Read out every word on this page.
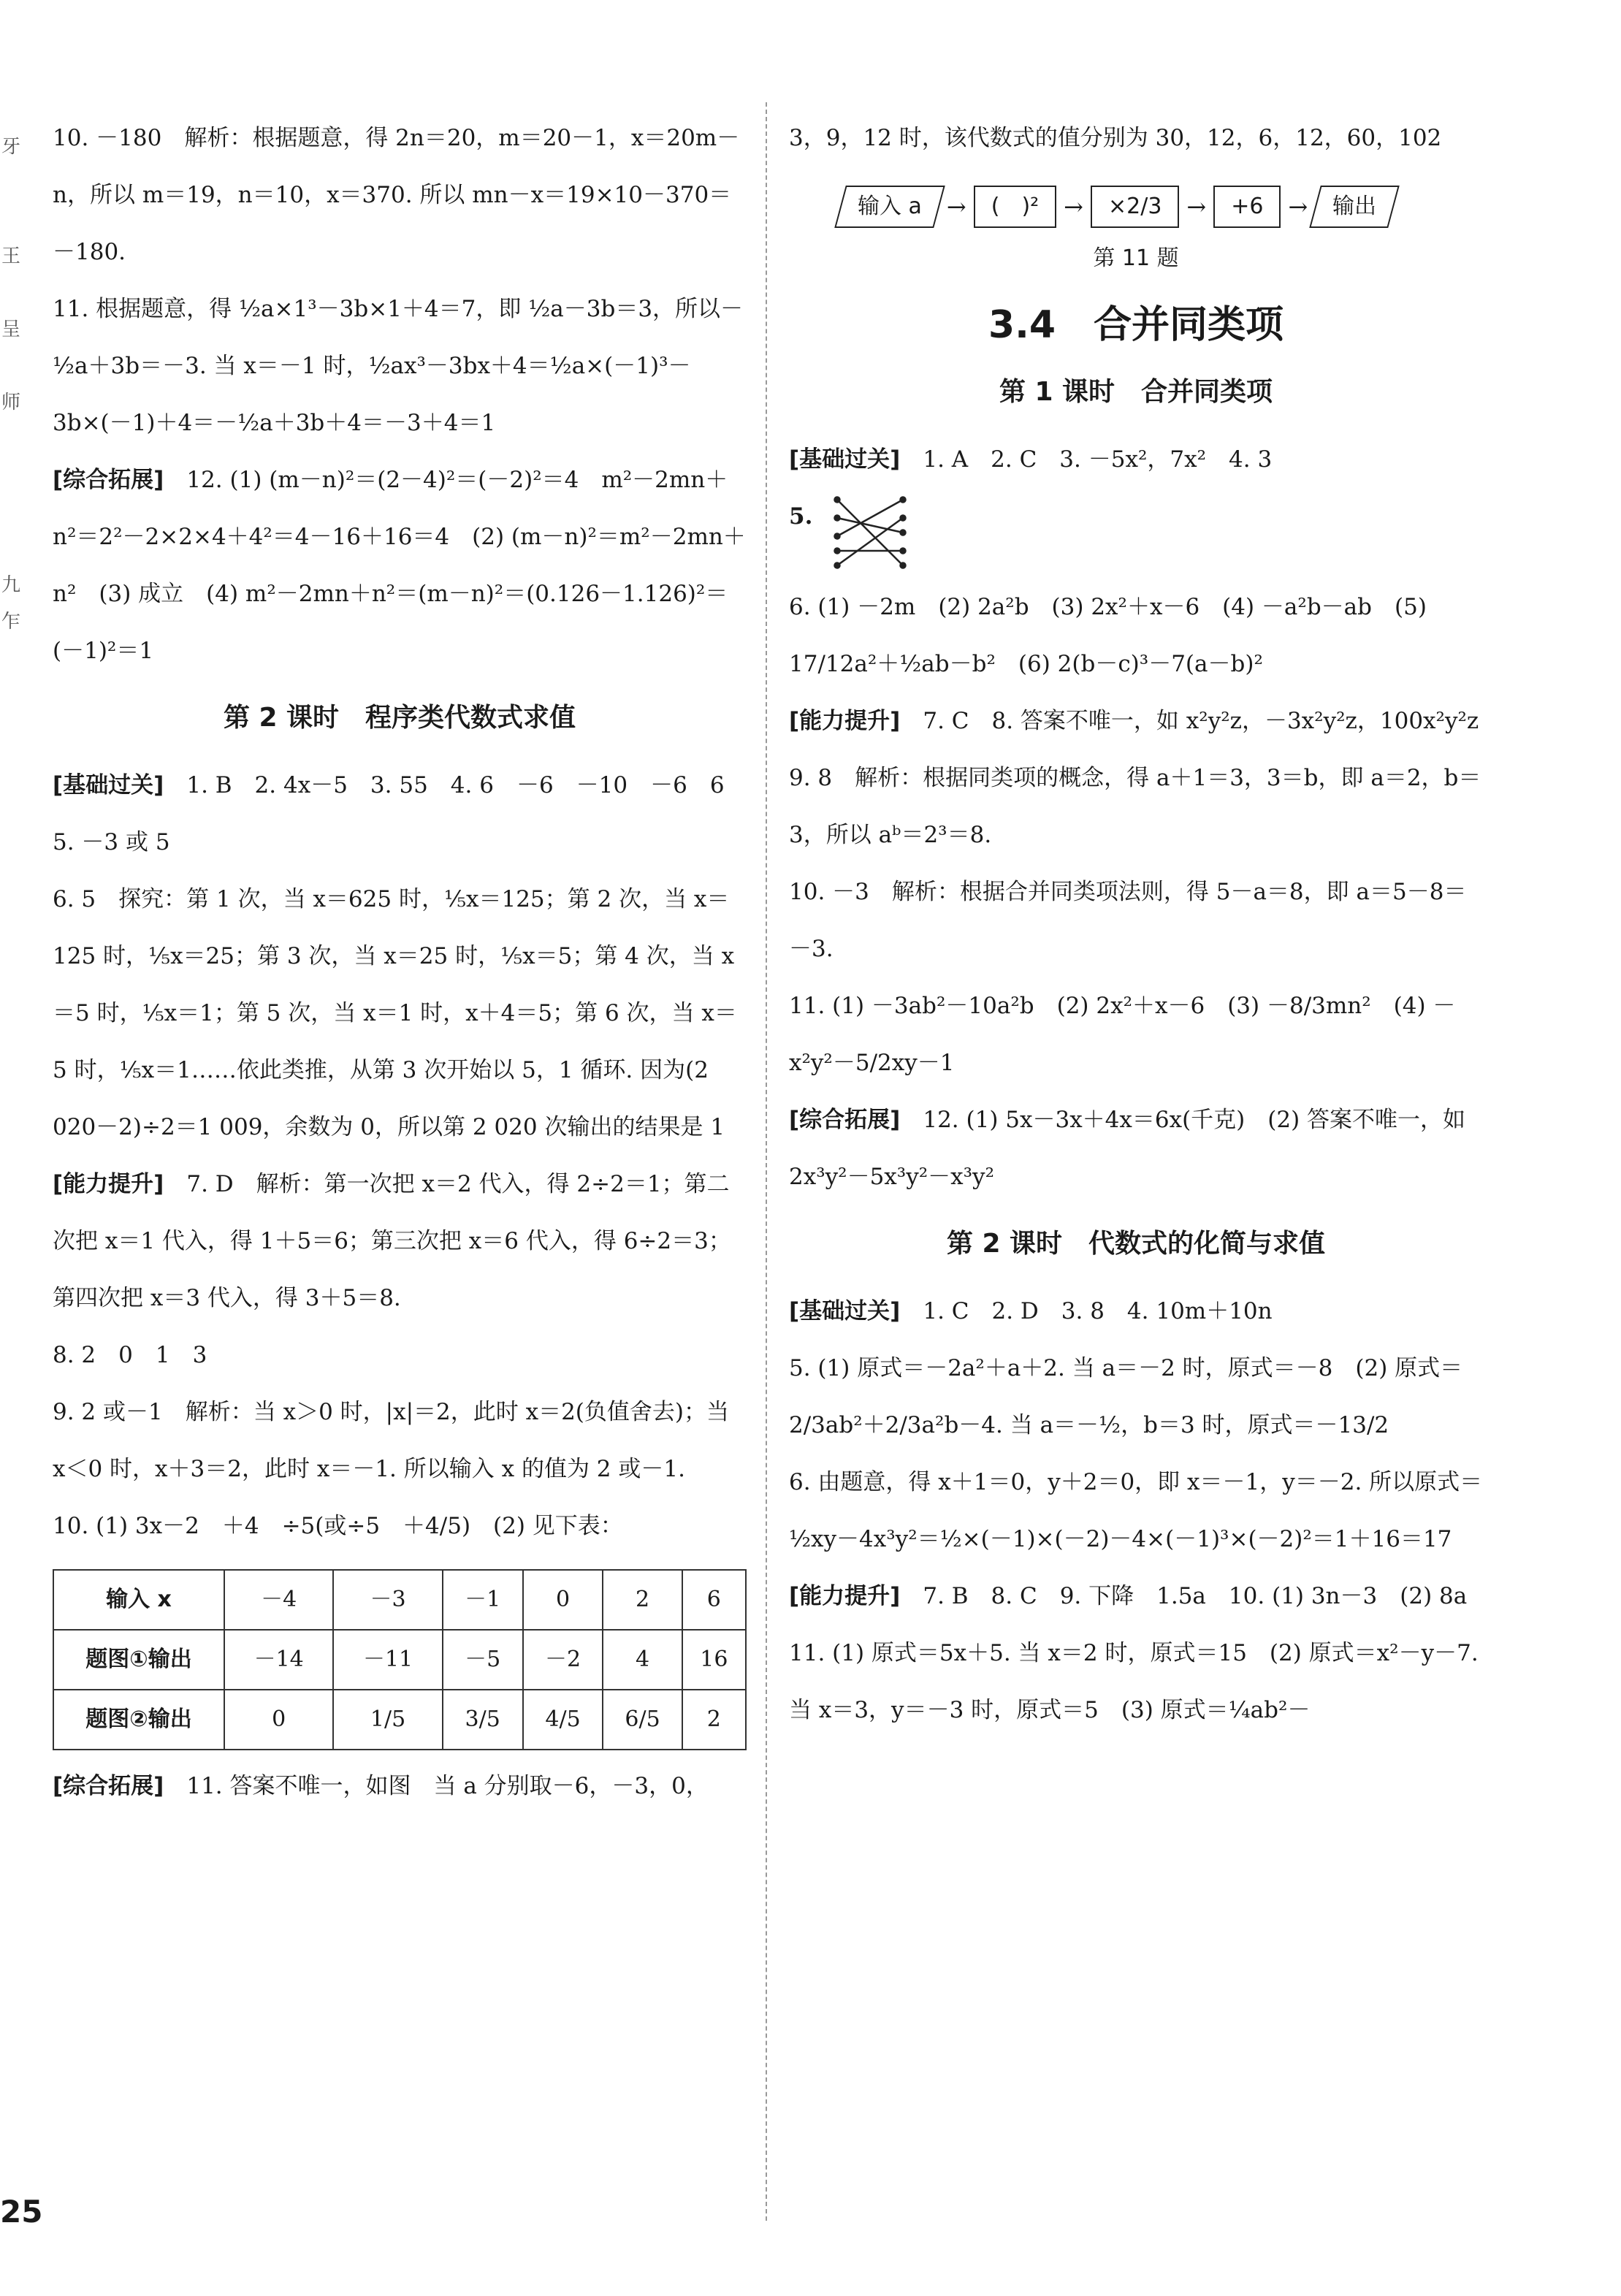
牙
王
呈
师
九
乍

10. －180　解析：根据题意，得 2n＝20，m＝20－1，x＝20m－n，所以 m＝19，n＝10，x＝370. 所以 mn－x＝19×10－370＝－180.

11. 根据题意，得 ½a×1³－3b×1＋4＝7，即 ½a－3b＝3，所以－½a＋3b＝－3. 当 x＝－1 时，½ax³－3bx＋4＝½a×(－1)³－3b×(－1)＋4＝－½a＋3b＋4＝－3＋4＝1

[综合拓展]　 12. (1) (m－n)²＝(2－4)²＝(－2)²＝4　m²－2mn＋n²＝2²－2×2×4＋4²＝4－16＋16＝4　(2) (m－n)²＝m²－2mn＋n²　(3) 成立　(4) m²－2mn＋n²＝(m－n)²＝(0.126－1.126)²＝(－1)²＝1

第 2 课时　程序类代数式求值

[基础过关]　 1. B　2. 4x－5　3. 55　4. 6　－6　－10　－6　6　5. －3 或 5

6. 5　探究：第 1 次，当 x＝625 时，⅕x＝125；第 2 次，当 x＝125 时，⅕x＝25；第 3 次，当 x＝25 时，⅕x＝5；第 4 次，当 x＝5 时，⅕x＝1；第 5 次，当 x＝1 时，x＋4＝5；第 6 次，当 x＝5 时，⅕x＝1……依此类推，从第 3 次开始以 5，1 循环. 因为(2 020－2)÷2＝1 009，余数为 0，所以第 2 020 次输出的结果是 1

[能力提升]　 7. D　解析：第一次把 x＝2 代入，得 2÷2＝1；第二次把 x＝1 代入，得 1＋5＝6；第三次把 x＝6 代入，得 6÷2＝3；第四次把 x＝3 代入，得 3＋5＝8.

8. 2　0　1　3

9. 2 或－1　解析：当 x＞0 时，|x|＝2，此时 x＝2(负值舍去)；当 x＜0 时，x＋3＝2，此时 x＝－1. 所以输入 x 的值为 2 或－1.

10. (1) 3x－2　＋4　÷5(或÷5　＋4/5)　(2) 见下表：

输入 x	－4	－3	－1	0	2	6
题图①输出	－14	－11	－5	－2	4	16
题图②输出	0	1/5	3/5	4/5	6/5	2

[综合拓展]　 11. 答案不唯一，如图　当 a 分别取－6，－3，0，

3，9，12 时，该代数式的值分别为 30，12，6，12，60，102

输入 a	→	(　)²	→	×2/3	→	+6	→	输出
第 11 题
3.4　合并同类项
第 1 课时　合并同类项

[基础过关]　 1. A　2. C　3. －5x²，7x²　4. 3

5.

6. (1) －2m　(2) 2a²b　(3) 2x²＋x－6　(4) －a²b－ab　(5) 17/12a²＋½ab－b²　(6) 2(b－c)³－7(a－b)²

[能力提升]　 7. C　8. 答案不唯一，如 x²y²z，－3x²y²z，100x²y²z

9. 8　解析：根据同类项的概念，得 a＋1＝3，3＝b，即 a＝2，b＝3，所以 aᵇ＝2³＝8.

10. －3　解析：根据合并同类项法则，得 5－a＝8，即 a＝5－8＝－3.

11. (1) －3ab²－10a²b　(2) 2x²＋x－6　(3) －8/3mn²　(4) －x²y²－5/2xy－1

[综合拓展]　 12. (1) 5x－3x＋4x＝6x(千克)　(2) 答案不唯一，如 2x³y²－5x³y²－x³y²

第 2 课时　代数式的化简与求值

[基础过关]　 1. C　2. D　3. 8　4. 10m＋10n

5. (1) 原式＝－2a²＋a＋2. 当 a＝－2 时，原式＝－8　(2) 原式＝2/3ab²＋2/3a²b－4. 当 a＝－½，b＝3 时，原式＝－13/2

6. 由题意，得 x＋1＝0，y＋2＝0，即 x＝－1，y＝－2. 所以原式＝½xy－4x³y²＝½×(－1)×(－2)－4×(－1)³×(－2)²＝1＋16＝17

[能力提升]　 7. B　8. C　9. 下降　1.5a　10. (1) 3n－3　(2) 8a

11. (1) 原式＝5x＋5. 当 x＝2 时，原式＝15　(2) 原式＝x²－y－7. 当 x＝3，y＝－3 时，原式＝5　(3) 原式＝¼ab²－

25
